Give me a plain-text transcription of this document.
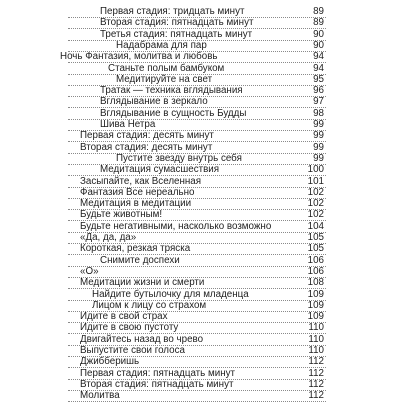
Первая стадия: тридцать минут	89
Вторая стадия: пятнадцать минут	89
Третья стадия: пятнадцать минут	90
Надабрама для пар	90
Ночь Фантазия, молитва и любовь	94
Станьте полым бамбуком	94
Медитируйте на свет	95
Тратак — техника вглядывания	96
Вглядывание в зеркало	97
Вглядывание в сущность Будды	98
Шива Нетра	99
Первая стадия: десять минут	99
Вторая стадия: десять минут	99
Пустите звезду внутрь себя	99
Медитация сумасшествия	100
Засыпайте, как Вселенная	101
Фантазия Все нереально	102
Медитация в медитации	102
Будьте животным!	102
Будьте негативными, насколько возможно	104
«Да, да, да»	105
Короткая, резкая тряска	105
Снимите доспехи	106
«О»	106
Медитации жизни и смерти	108
Найдите бутылочку для младенца	109
Лицом к лицу со страхом	109
Идите в свой страх	109
Идите в свою пустоту	110
Двигайтесь назад во чрево	110
Выпустите свои голоса	110
Джибберишь	112
Первая стадия: пятнадцать минут	112
Вторая стадия: пятнадцать минут	112
Молитва	112
